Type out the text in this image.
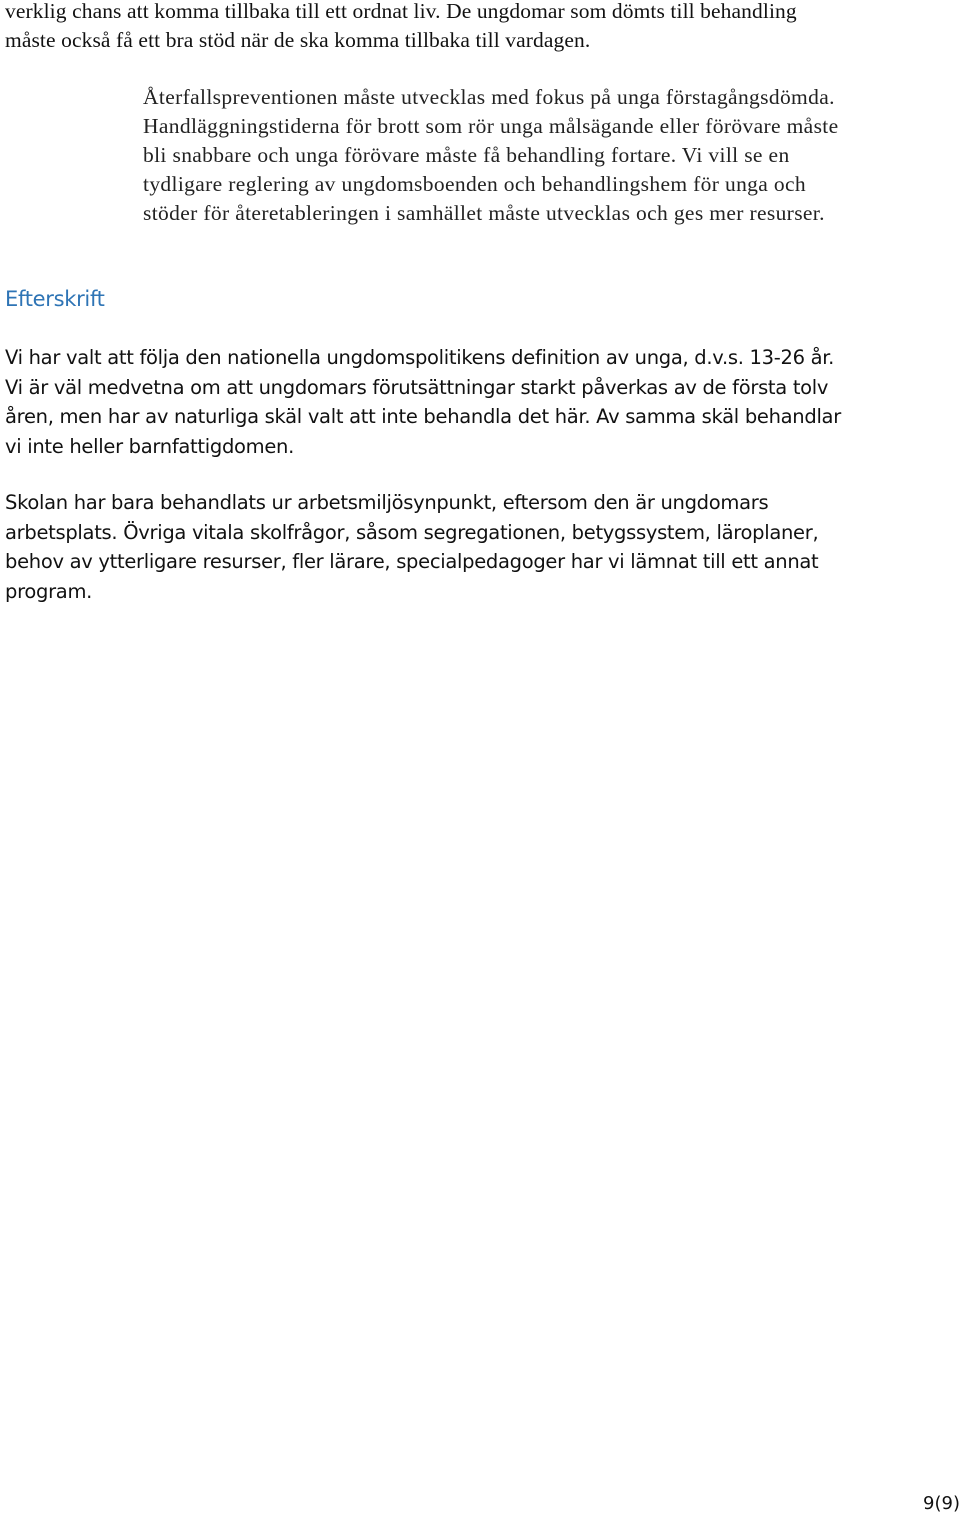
verklig chans att komma tillbaka till ett ordnat liv. De ungdomar som dömts till behandling
måste också få ett bra stöd när de ska komma tillbaka till vardagen.

Återfallspreventionen måste utvecklas med fokus på unga förstagångsdömda.
Handläggningstiderna för brott som rör unga målsägande eller förövare måste
bli snabbare och unga förövare måste få behandling fortare. Vi vill se en
tydligare reglering av ungdomsboenden och behandlingshem för unga och
stöder för återetableringen i samhället måste utvecklas och ges mer resurser.

Efterskrift

Vi har valt att följa den nationella ungdomspolitikens definition av unga, d.v.s. 13-26 år.
Vi är väl medvetna om att ungdomars förutsättningar starkt påverkas av de första tolv
åren, men har av naturliga skäl valt att inte behandla det här. Av samma skäl behandlar
vi inte heller barnfattigdomen.

Skolan har bara behandlats ur arbetsmiljösynpunkt, eftersom den är ungdomars
arbetsplats. Övriga vitala skolfrågor, såsom segregationen, betygssystem, läroplaner,
behov av ytterligare resurser, fler lärare, specialpedagoger har vi lämnat till ett annat
program.

9(9)
